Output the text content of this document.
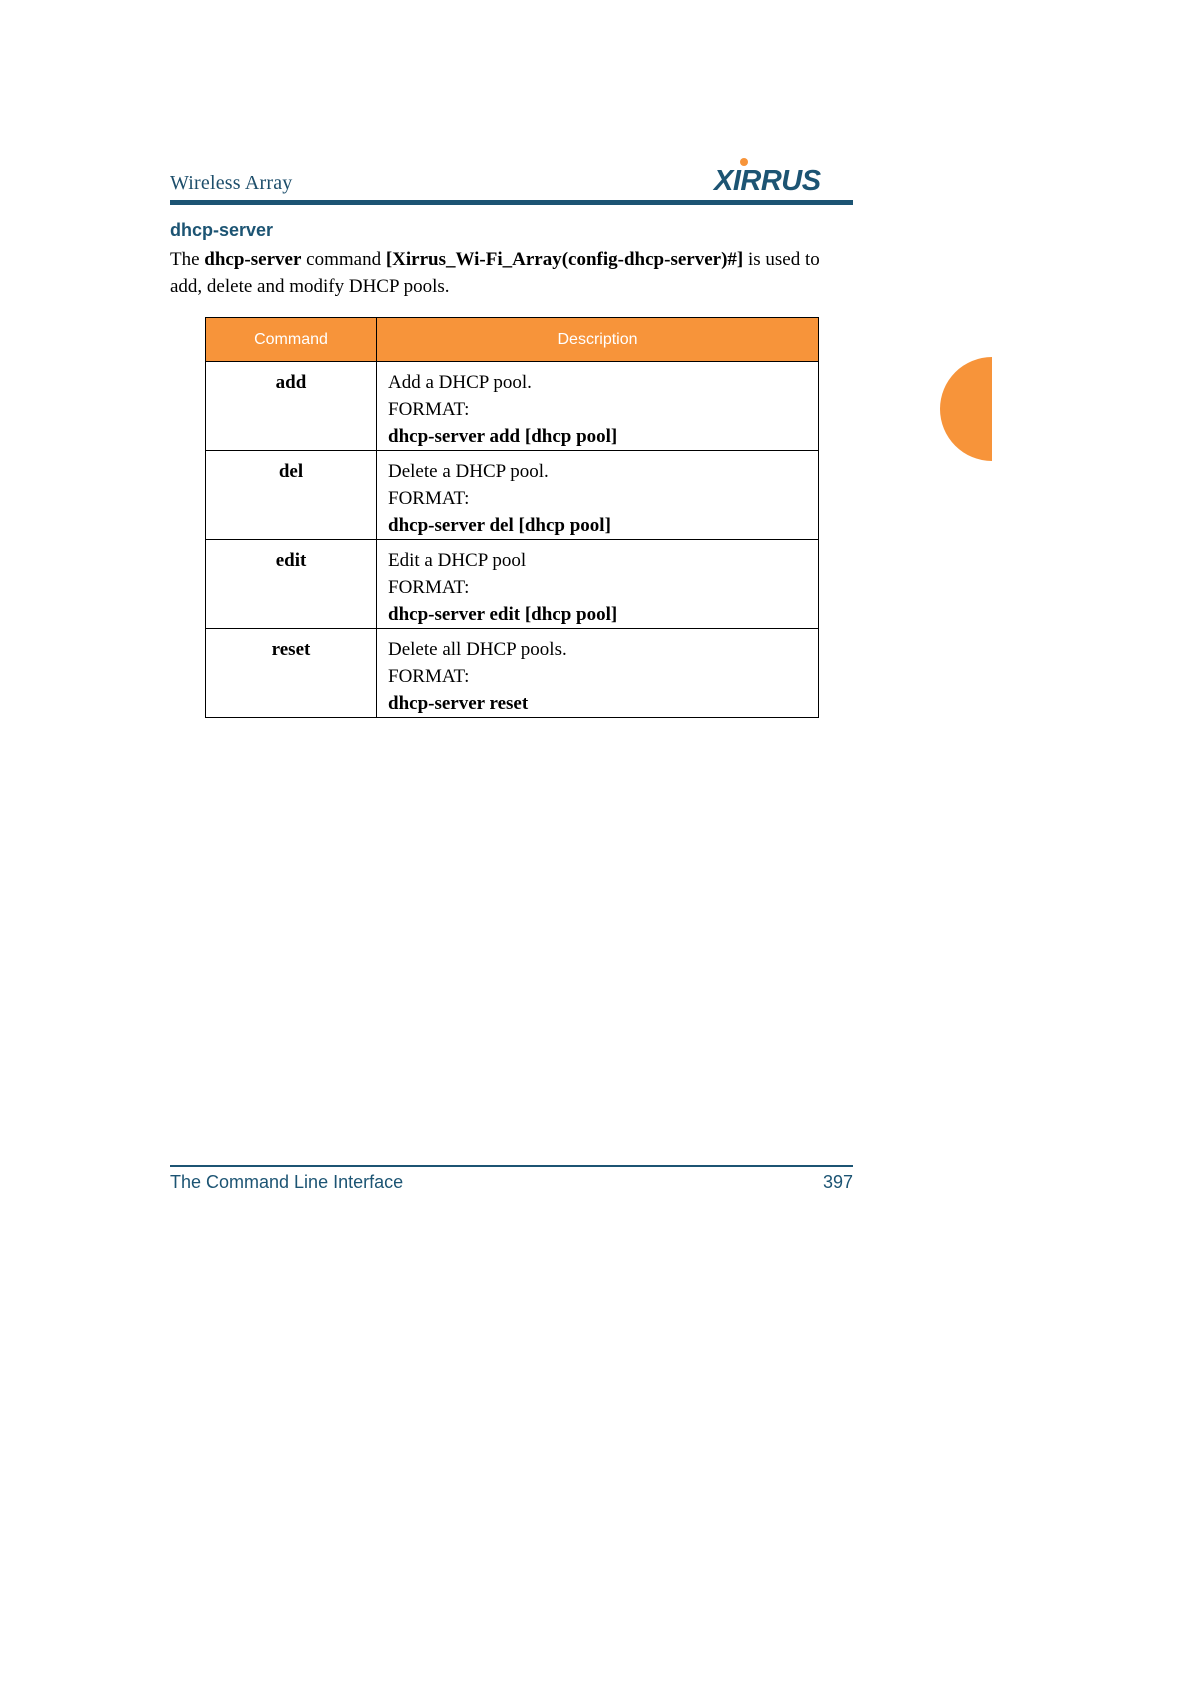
Wireless Array	XIRRUS
dhcp-server
The dhcp-server command [Xirrus_Wi-Fi_Array(config-dhcp-server)#] is used to add, delete and modify DHCP pools.
Command	Description
add	Add a DHCP pool.
FORMAT:
dhcp-server add [dhcp pool]

del	Delete a DHCP pool.
FORMAT:
dhcp-server del [dhcp pool]

edit	Edit a DHCP pool
FORMAT:
dhcp-server edit [dhcp pool]

reset	Delete all DHCP pools.
FORMAT:
dhcp-server reset
The Command Line Interface	397
